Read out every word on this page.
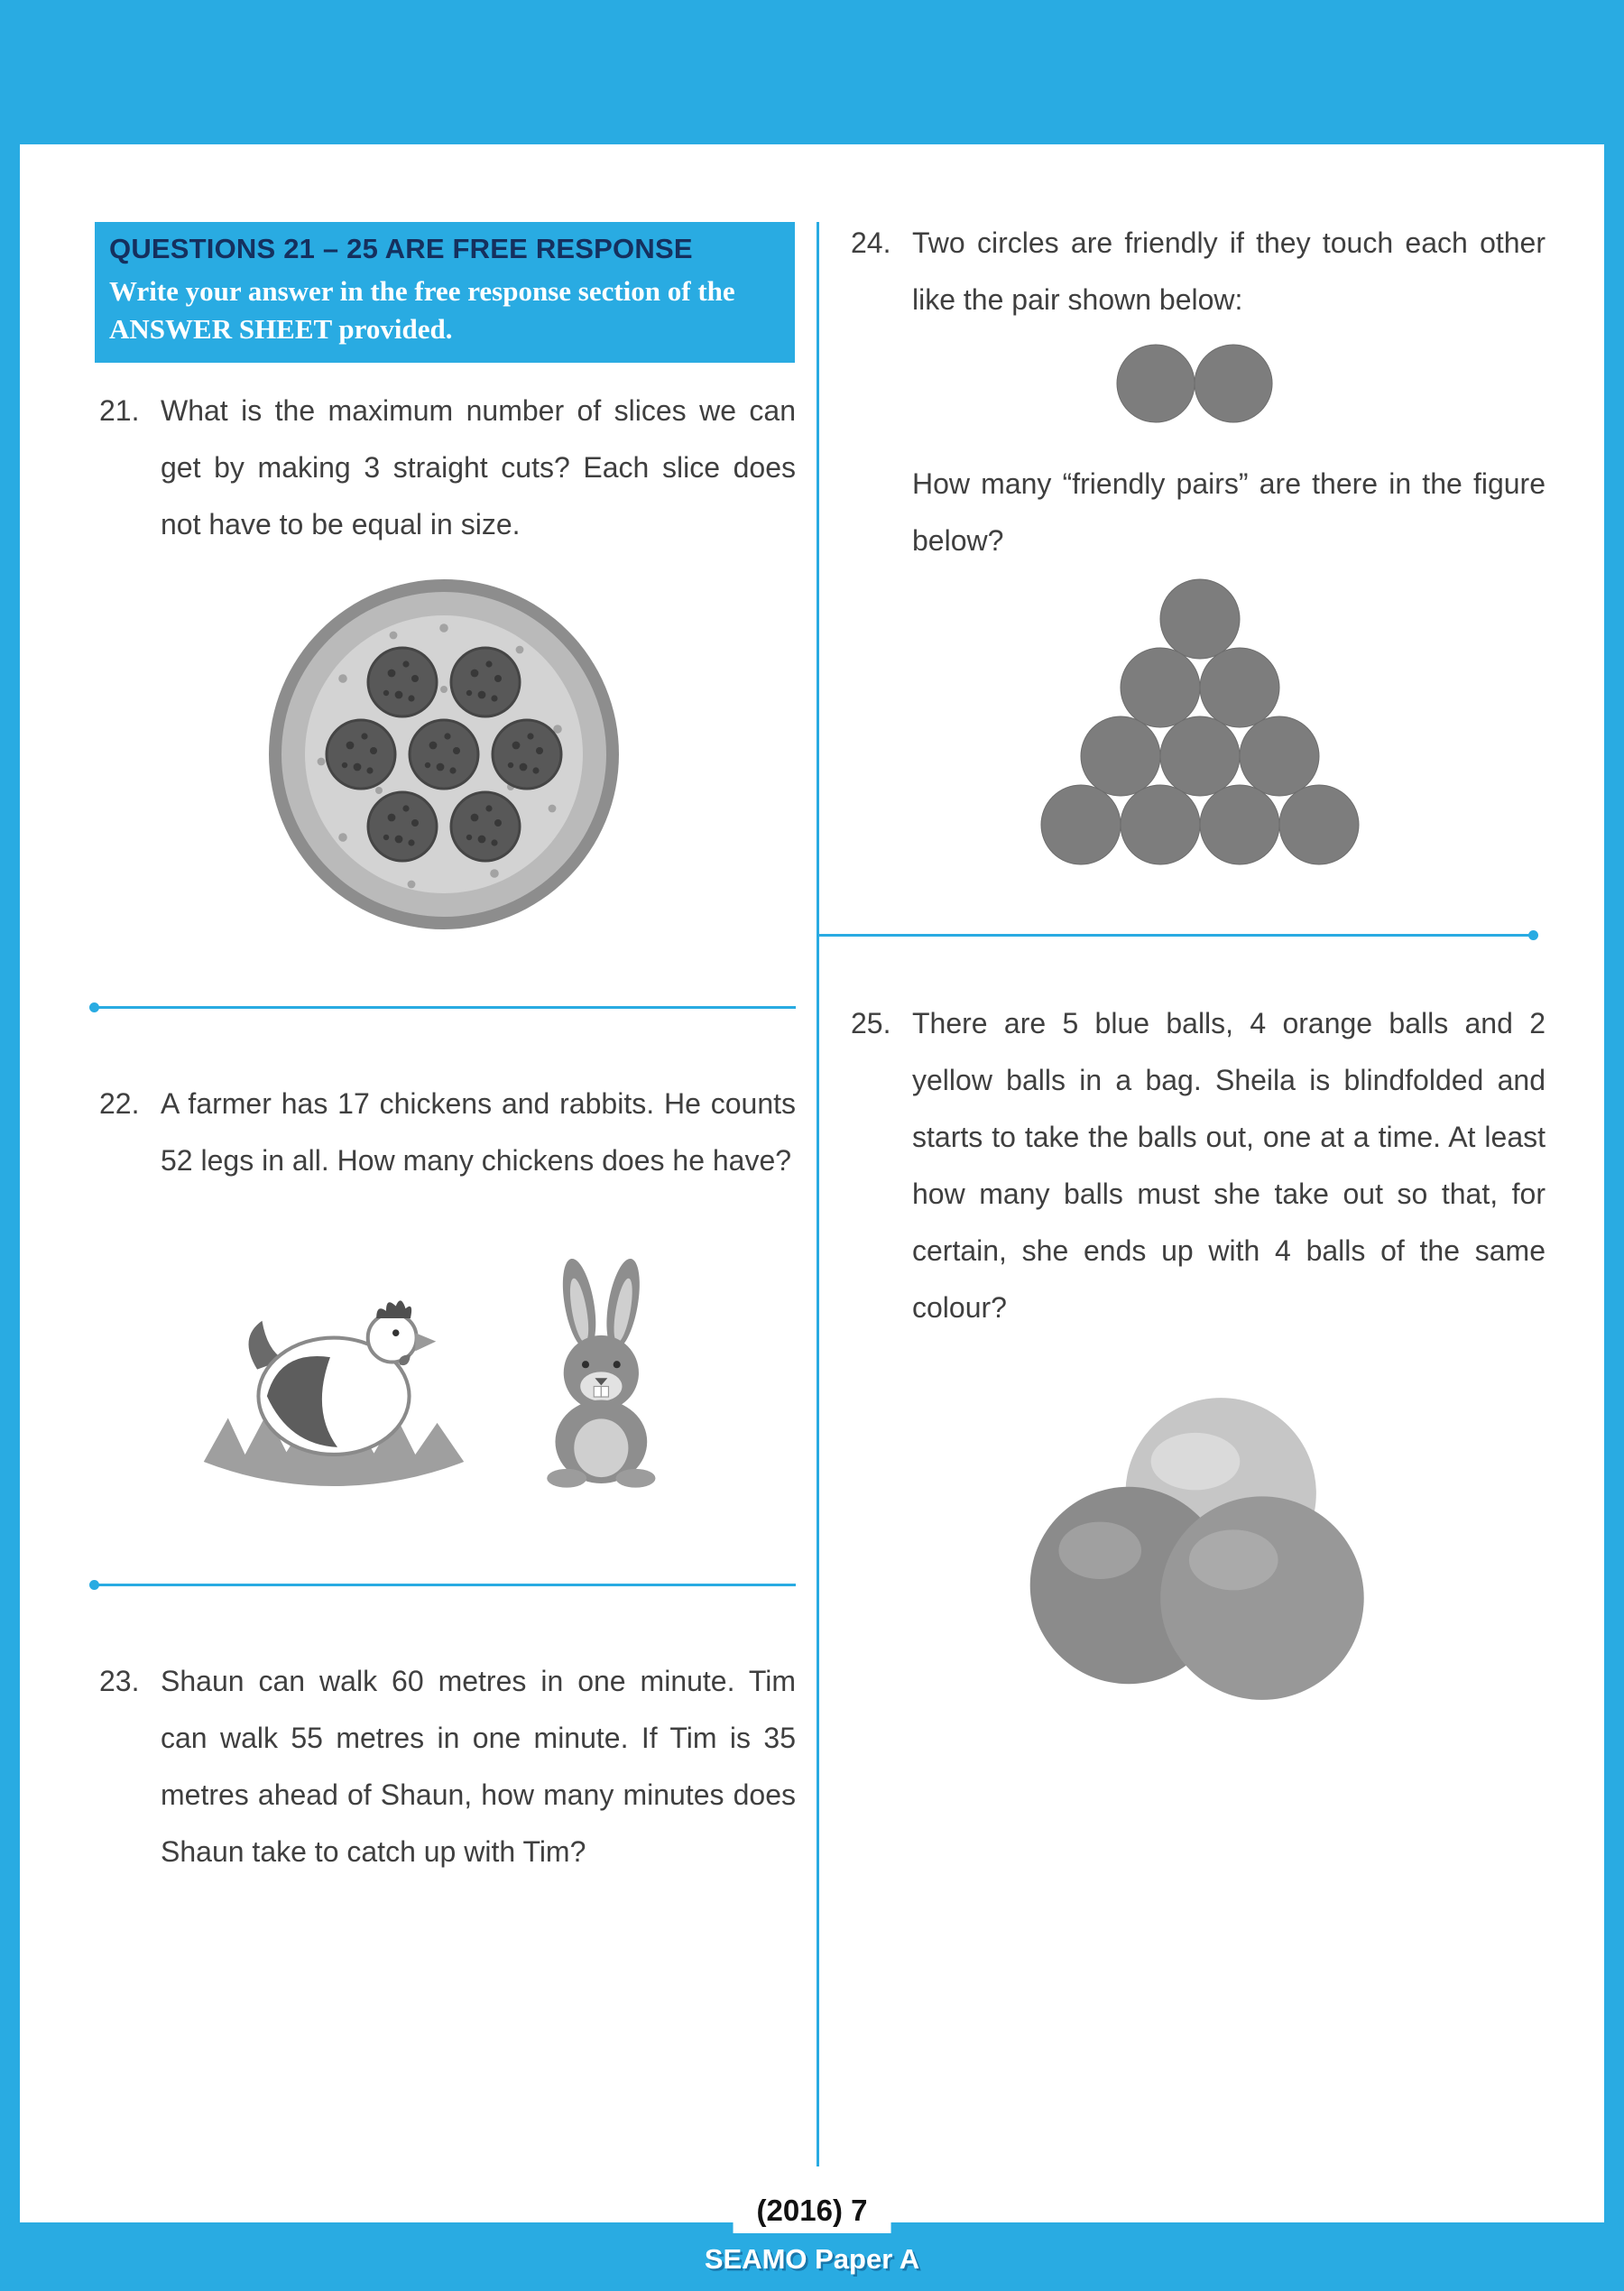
QUESTIONS 21 – 25 ARE FREE RESPONSE
Write your answer in the free response section of the ANSWER SHEET provided.
21. What is the maximum number of slices we can get by making 3 straight cuts? Each slice does not have to be equal in size.
22. A farmer has 17 chickens and rabbits. He counts 52 legs in all. How many chickens does he have?
23. Shaun can walk 60 metres in one minute. Tim can walk 55 metres in one minute. If Tim is 35 metres ahead of Shaun, how many minutes does Shaun take to catch up with Tim?
24. Two circles are friendly if they touch each other like the pair shown below:
How many “friendly pairs” are there in the figure below?
25. There are 5 blue balls, 4 orange balls and 2 yellow balls in a bag. Sheila is blindfolded and starts to take the balls out, one at a time. At least how many balls must she take out so that, for certain, she ends up with 4 balls of the same colour?
(2016) 7
SEAMO Paper A
